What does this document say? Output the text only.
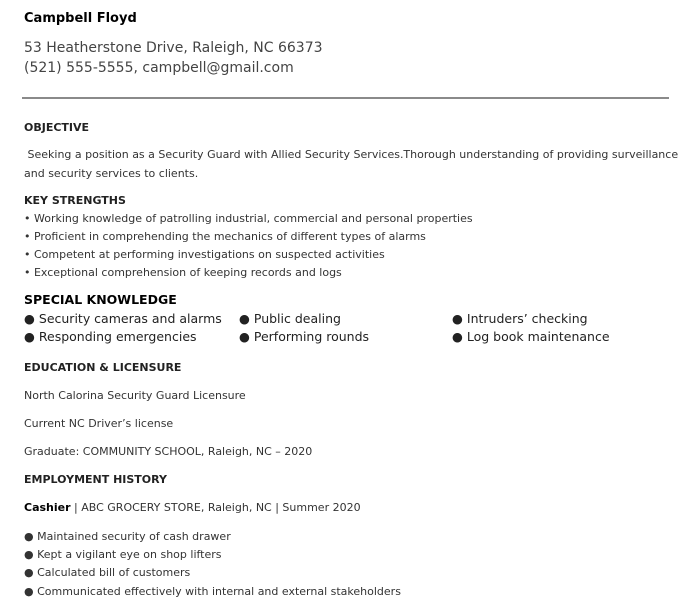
Campbell Floyd
53 Heatherstone Drive, Raleigh, NC 66373
(521) 555-5555, campbell@gmail.com
OBJECTIVE
Seeking a position as a Security Guard with Allied Security Services.Thorough understanding of providing surveillance
and security services to clients.
KEY STRENGTHS
• Working knowledge of patrolling industrial, commercial and personal properties
• Proficient in comprehending the mechanics of different types of alarms
• Competent at performing investigations on suspected activities
• Exceptional comprehension of keeping records and logs
SPECIAL KNOWLEDGE
● Security cameras and alarms
● Responding emergencies
● Public dealing
● Performing rounds
● Intruders’ checking
● Log book maintenance
EDUCATION & LICENSURE
North Calorina Security Guard Licensure
Current NC Driver’s license
Graduate: COMMUNITY SCHOOL, Raleigh, NC – 2020
EMPLOYMENT HISTORY
Cashier | ABC GROCERY STORE, Raleigh, NC | Summer 2020
● Maintained security of cash drawer
● Kept a vigilant eye on shop lifters
● Calculated bill of customers
● Communicated effectively with internal and external stakeholders
